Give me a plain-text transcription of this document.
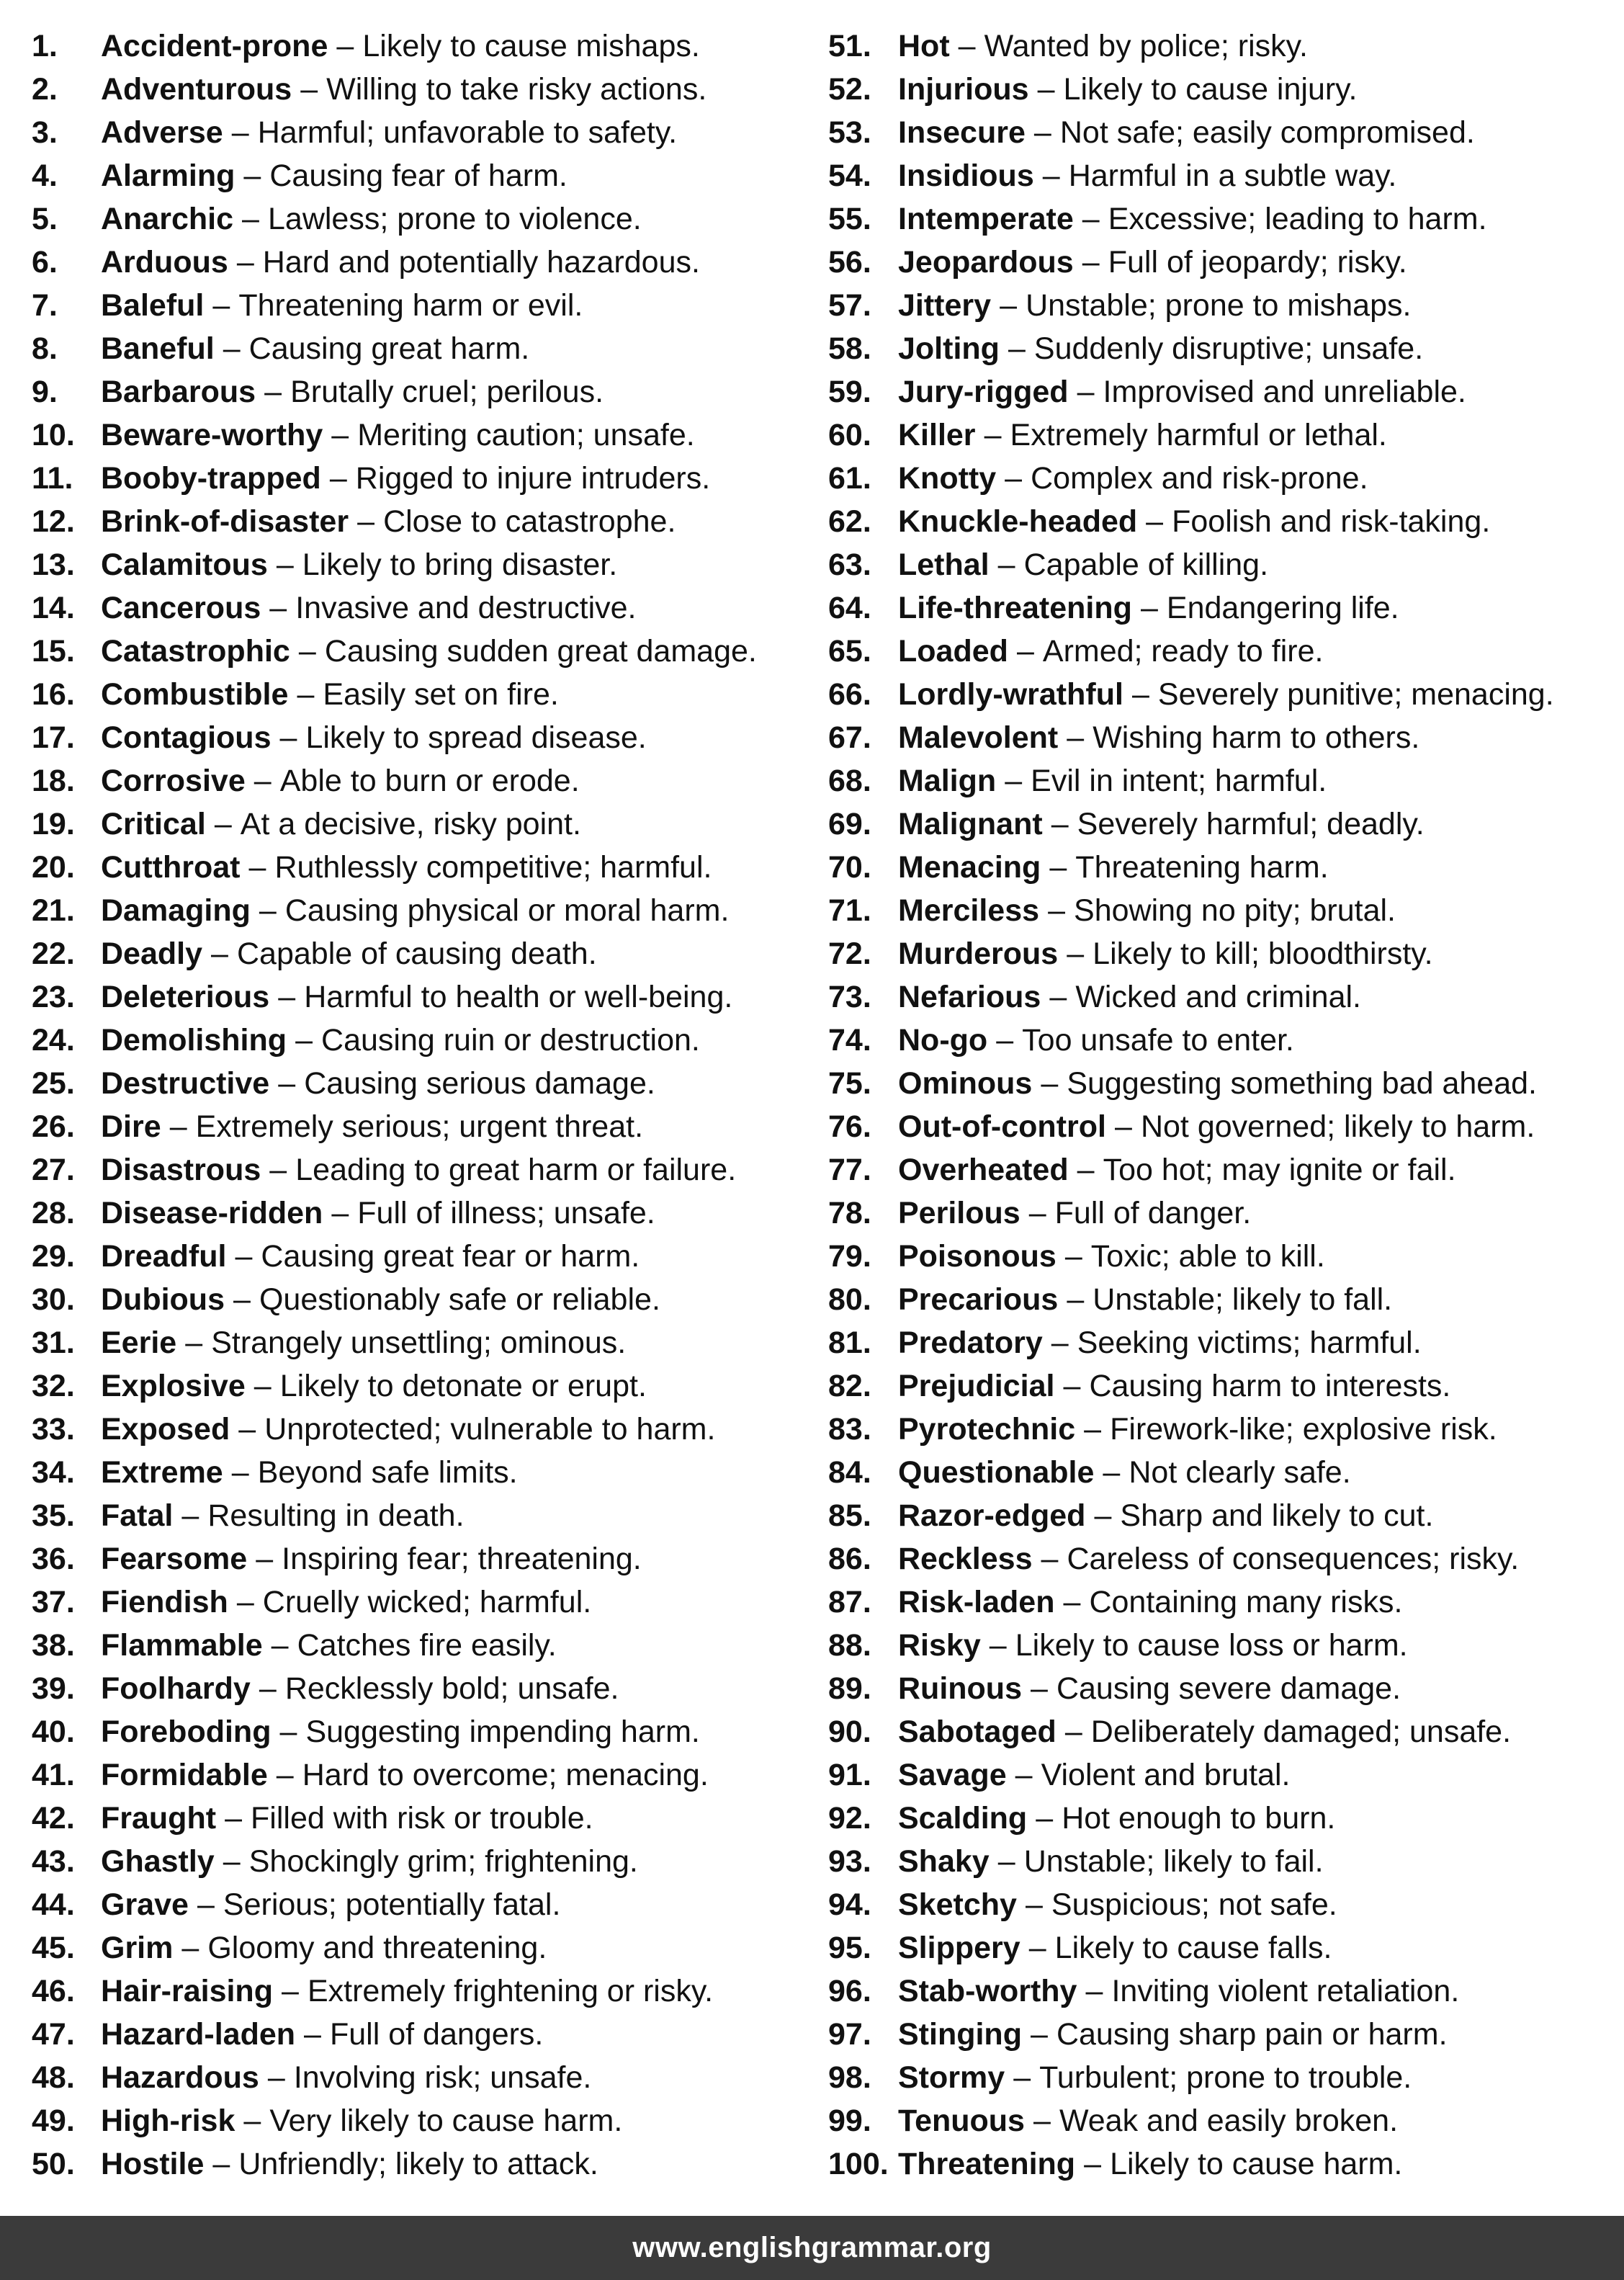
1.	Accident-prone – Likely to cause mishaps.
2.	Adventurous – Willing to take risky actions.
3.	Adverse – Harmful; unfavorable to safety.
4.	Alarming – Causing fear of harm.
5.	Anarchic – Lawless; prone to violence.
6.	Arduous – Hard and potentially hazardous.
7.	Baleful – Threatening harm or evil.
8.	Baneful – Causing great harm.
9.	Barbarous – Brutally cruel; perilous.
10. Beware-worthy – Meriting caution; unsafe.
11. Booby-trapped – Rigged to injure intruders.
12. Brink-of-disaster – Close to catastrophe.
13. Calamitous – Likely to bring disaster.
14. Cancerous – Invasive and destructive.
15. Catastrophic – Causing sudden great damage.
16. Combustible – Easily set on fire.
17. Contagious – Likely to spread disease.
18. Corrosive – Able to burn or erode.
19. Critical – At a decisive, risky point.
20. Cutthroat – Ruthlessly competitive; harmful.
21. Damaging – Causing physical or moral harm.
22. Deadly – Capable of causing death.
23. Deleterious – Harmful to health or well-being.
24. Demolishing – Causing ruin or destruction.
25. Destructive – Causing serious damage.
26. Dire – Extremely serious; urgent threat.
27. Disastrous – Leading to great harm or failure.
28. Disease-ridden – Full of illness; unsafe.
29. Dreadful – Causing great fear or harm.
30. Dubious – Questionably safe or reliable.
31. Eerie – Strangely unsettling; ominous.
32. Explosive – Likely to detonate or erupt.
33. Exposed – Unprotected; vulnerable to harm.
34. Extreme – Beyond safe limits.
35. Fatal – Resulting in death.
36. Fearsome – Inspiring fear; threatening.
37. Fiendish – Cruelly wicked; harmful.
38. Flammable – Catches fire easily.
39. Foolhardy – Recklessly bold; unsafe.
40. Foreboding – Suggesting impending harm.
41. Formidable – Hard to overcome; menacing.
42. Fraught – Filled with risk or trouble.
43. Ghastly – Shockingly grim; frightening.
44. Grave – Serious; potentially fatal.
45. Grim – Gloomy and threatening.
46. Hair-raising – Extremely frightening or risky.
47. Hazard-laden – Full of dangers.
48. Hazardous – Involving risk; unsafe.
49. High-risk – Very likely to cause harm.
50. Hostile – Unfriendly; likely to attack.
51. Hot – Wanted by police; risky.
52. Injurious – Likely to cause injury.
53. Insecure – Not safe; easily compromised.
54. Insidious – Harmful in a subtle way.
55. Intemperate – Excessive; leading to harm.
56. Jeopardous – Full of jeopardy; risky.
57. Jittery – Unstable; prone to mishaps.
58. Jolting – Suddenly disruptive; unsafe.
59. Jury-rigged – Improvised and unreliable.
60. Killer – Extremely harmful or lethal.
61. Knotty – Complex and risk-prone.
62. Knuckle-headed – Foolish and risk-taking.
63. Lethal – Capable of killing.
64. Life-threatening – Endangering life.
65. Loaded – Armed; ready to fire.
66. Lordly-wrathful – Severely punitive; menacing.
67. Malevolent – Wishing harm to others.
68. Malign – Evil in intent; harmful.
69. Malignant – Severely harmful; deadly.
70. Menacing – Threatening harm.
71. Merciless – Showing no pity; brutal.
72. Murderous – Likely to kill; bloodthirsty.
73. Nefarious – Wicked and criminal.
74. No-go – Too unsafe to enter.
75. Ominous – Suggesting something bad ahead.
76. Out-of-control – Not governed; likely to harm.
77. Overheated – Too hot; may ignite or fail.
78. Perilous – Full of danger.
79. Poisonous – Toxic; able to kill.
80. Precarious – Unstable; likely to fall.
81. Predatory – Seeking victims; harmful.
82. Prejudicial – Causing harm to interests.
83. Pyrotechnic – Firework-like; explosive risk.
84. Questionable – Not clearly safe.
85. Razor-edged – Sharp and likely to cut.
86. Reckless – Careless of consequences; risky.
87. Risk-laden – Containing many risks.
88. Risky – Likely to cause loss or harm.
89. Ruinous – Causing severe damage.
90. Sabotaged – Deliberately damaged; unsafe.
91. Savage – Violent and brutal.
92. Scalding – Hot enough to burn.
93. Shaky – Unstable; likely to fail.
94. Sketchy – Suspicious; not safe.
95. Slippery – Likely to cause falls.
96. Stab-worthy – Inviting violent retaliation.
97. Stinging – Causing sharp pain or harm.
98. Stormy – Turbulent; prone to trouble.
99. Tenuous – Weak and easily broken.
100. Threatening – Likely to cause harm.
www.englishgrammar.org
